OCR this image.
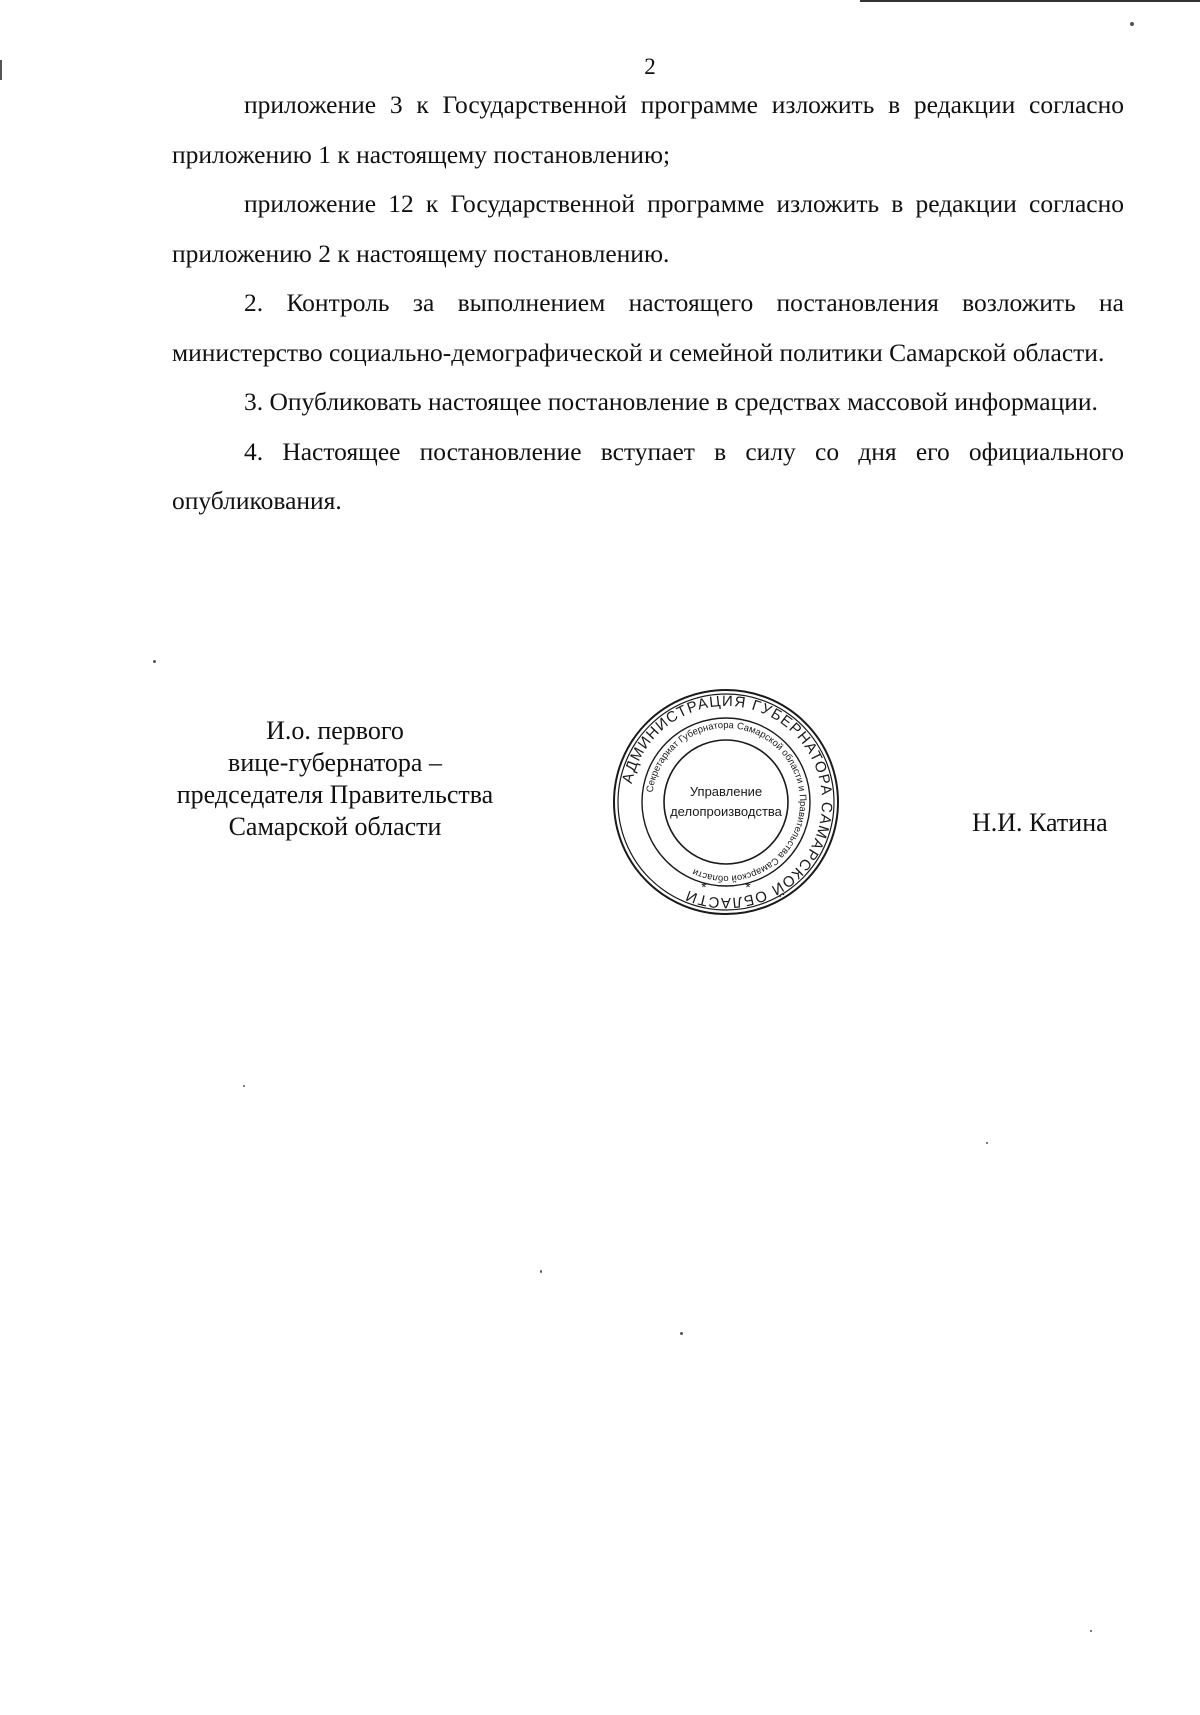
2

приложение 3 к Государственной программе изложить в редакции согласно приложению 1 к настоящему постановлению;

приложение 12 к Государственной программе изложить в редакции согласно приложению 2 к настоящему постановлению.

2. Контроль за выполнением настоящего постановления возложить на министерство социально-демографической и семейной политики Самарской области.

3. Опубликовать настоящее постановление в средствах массовой информации.

4. Настоящее постановление вступает в силу со дня его официального опубликования.

И.о. первого
вице-губернатора –
председателя Правительства
Самарской области
АДМИНИСТРАЦИЯ ГУБЕРНАТОРА САМАРСКОЙ ОБЛАСТИ
Секретариат Губернатора Самарской области и Правительства Самарской области
Управление
делопроизводства
*	*
Н.И. Катина
